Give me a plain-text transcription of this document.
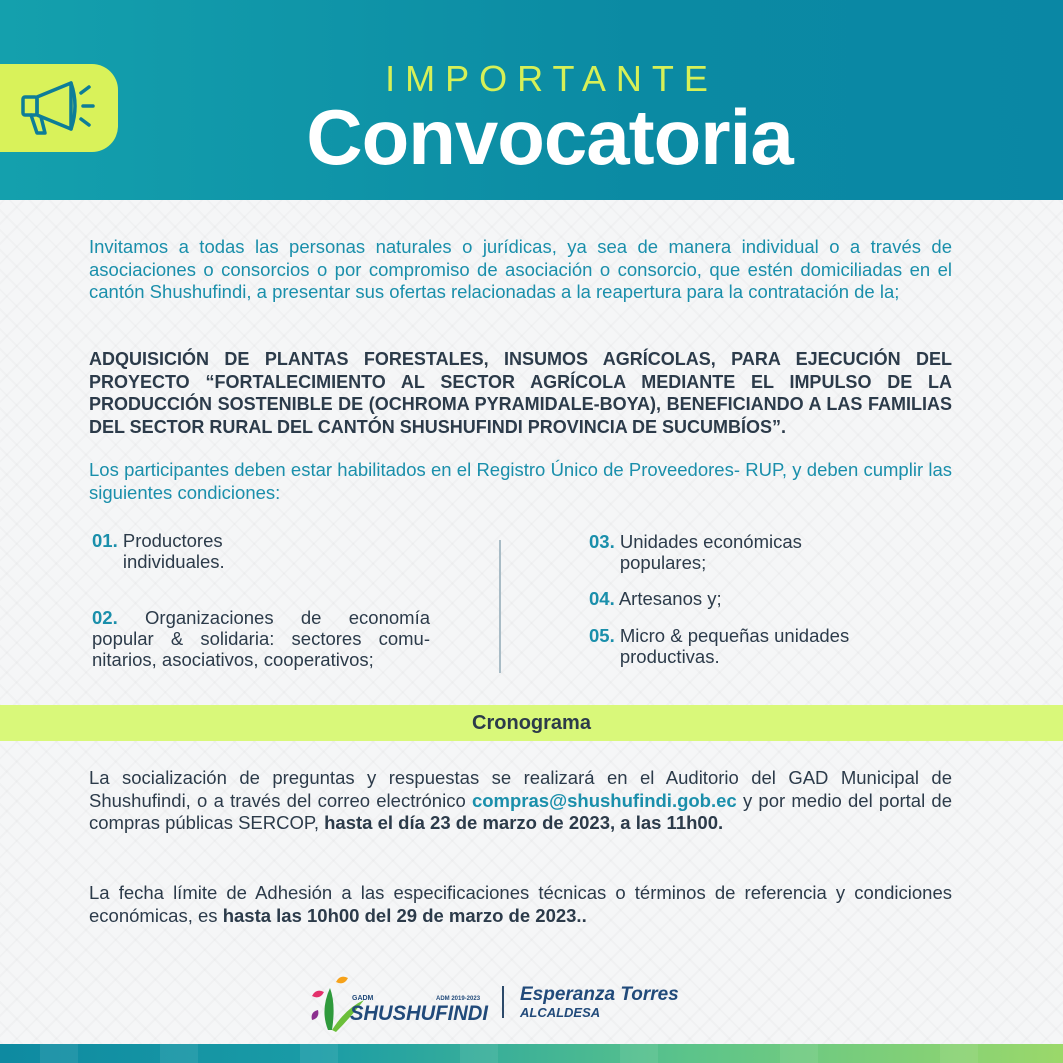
IMPORTANTE
Convocatoria

Invitamos a todas las personas naturales o jurídicas, ya sea de manera individual o a través de asociaciones o consorcios o por compromiso de asociación o consorcio, que estén domiciliadas en el cantón Shushufindi, a presentar sus ofertas relacionadas a la reapertura para la contratación de la;

ADQUISICIÓN DE PLANTAS FORESTALES, INSUMOS AGRÍCOLAS, PARA EJECUCIÓN DEL PROYECTO “FORTALECIMIENTO AL SECTOR AGRÍCOLA MEDIANTE EL IMPULSO DE LA PRODUCCIÓN SOSTENIBLE DE (OCHROMA PYRAMIDALE-BOYA), BENEFICIANDO A LAS FAMILIAS DEL SECTOR RURAL DEL CANTÓN SHUSHUFINDI PROVINCIA DE SUCUMBÍOS”.

Los participantes deben estar habilitados en el Registro Único de Proveedores- RUP, y deben cumplir las siguientes condiciones:

01. Productores individuales.
02. Organizaciones de economía popular & solidaria: sectores comu-nitarios, asociativos, cooperativos;
03. Unidades económicas populares;
04. Artesanos y;
05. Micro & pequeñas unidades productivas.
Cronograma

La socialización de preguntas y respuestas se realizará en el Auditorio del GAD Municipal de Shushufindi, o a través del correo electrónico compras@shushufindi.gob.ec y por medio del portal de compras públicas SERCOP, hasta el día 23 de marzo de 2023, a las 11h00.

La fecha límite de Adhesión a las especificaciones técnicas o términos de referencia y condiciones económicas, es hasta las 10h00 del 29 de marzo de 2023..

GADM	ADM 2019-2023
SHUSHUFINDI
Esperanza Torres
ALCALDESA
